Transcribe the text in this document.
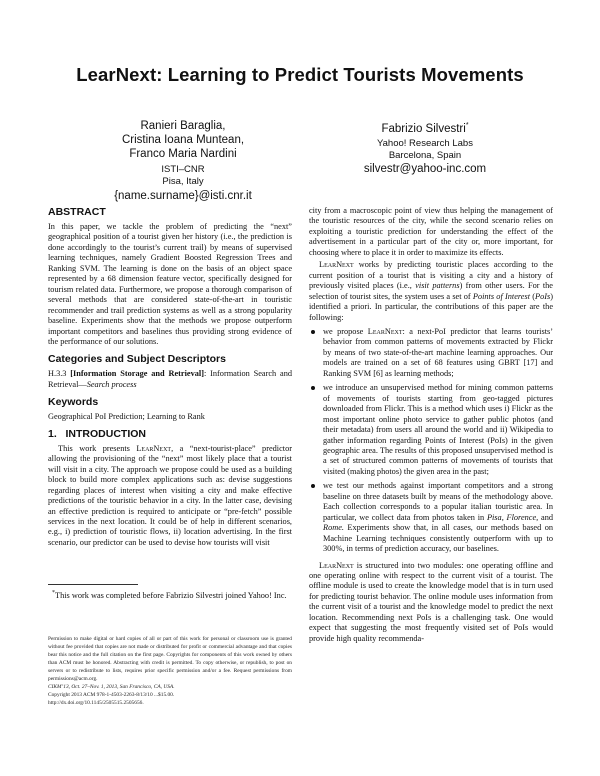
LearNext: Learning to Predict Tourists Movements
Ranieri Baraglia,
Cristina Ioana Muntean,
Franco Maria Nardini
ISTI–CNR
Pisa, Italy
{name.surname}@isti.cnr.it
Fabrizio Silvestri*
Yahoo! Research Labs
Barcelona, Spain
silvestr@yahoo-inc.com
ABSTRACT

In this paper, we tackle the problem of predicting the “next” geographical position of a tourist given her history (i.e., the prediction is done accordingly to the tourist’s current trail) by means of supervised learning techniques, namely Gradient Boosted Regression Trees and Ranking SVM. The learning is done on the basis of an object space represented by a 68 dimension feature vector, specifically designed for tourism related data. Furthermore, we propose a thorough comparison of several methods that are considered state-of-the-art in touristic recommender and trail prediction systems as well as a strong popularity baseline. Experiments show that the methods we propose outperform important competitors and baselines thus providing strong evidence of the performance of our solutions.

Categories and Subject Descriptors

H.3.3 [Information Storage and Retrieval]: Information Search and Retrieval—Search process

Keywords

Geographical PoI Prediction; Learning to Rank

1.   INTRODUCTION

This work presents LearNext, a “next-tourist-place” predictor allowing the provisioning of the “next” most likely place that a tourist will visit in a city. The approach we propose could be used as a building block to build more complex applications such as: devise suggestions regarding places of interest when visiting a city and make effective predictions of the touristic behavior in a city. In the latter case, devising an effective prediction is required to anticipate or “pre-fetch” possible services in the next location. It could be of help in different scenarios, e.g., i) prediction of touristic flows, ii) location advertising. In the first scenario, our predictor can be used to devise how tourists will visit

*This work was completed before Fabrizio Silvestri joined Yahoo! Inc.

Permission to make digital or hard copies of all or part of this work for personal or classroom use is granted without fee provided that copies are not made or distributed for profit or commercial advantage and that copies bear this notice and the full citation on the first page. Copyrights for components of this work owned by others than ACM must be honored. Abstracting with credit is permitted. To copy otherwise, or republish, to post on servers or to redistribute to lists, requires prior specific permission and/or a fee. Request permissions from permissions@acm.org.

CIKM’13, Oct. 27–Nov. 1, 2013, San Francisco, CA, USA.

Copyright 2013 ACM 978-1-4503-2263-8/13/10 ...$15.00.

http://dx.doi.org/10.1145/2505515.2505656.

city from a macroscopic point of view thus helping the management of the touristic resources of the city, while the second scenario relies on exploiting a touristic prediction for understanding the effect of the advertisement in a particular part of the city or, more important, for choosing where to place it in order to maximize its effects.

LearNext works by predicting touristic places according to the current position of a tourist that is visiting a city and a history of previously visited places (i.e., visit patterns) from other users. For the selection of tourist sites, the system uses a set of Points of Interest (PoIs) identified a priori. In particular, the contributions of this paper are the following:

we propose LearNext: a next-PoI predictor that learns tourists’ behavior from common patterns of movements extracted by Flickr by means of two state-of-the-art machine learning approaches. Our models are trained on a set of 68 features using GBRT [17] and Ranking SVM [6] as learning methods;
we introduce an unsupervised method for mining common patterns of movements of tourists starting from geo-tagged pictures downloaded from Flickr. This is a method which uses i) Flickr as the most important online photo service to gather public photos (and their metadata) from users all around the world and ii) Wikipedia to gather information regarding Points of Interest (PoIs) in the given geographic area. The results of this proposed unsupervised method is a set of structured common patterns of movements of tourists that visited (making photos) the given area in the past;
we test our methods against important competitors and a strong baseline on three datasets built by means of the methodology above. Each collection corresponds to a popular italian touristic area. In particular, we collect data from photos taken in Pisa, Florence, and Rome. Experiments show that, in all cases, our methods based on Machine Learning techniques consistently outperform with up to 300%, in terms of prediction accuracy, our baselines.

LearNext is structured into two modules: one operating offline and one operating online with respect to the current visit of a tourist. The offline module is used to create the knowledge model that is in turn used for predicting tourist behavior. The online module uses information from the current visit of a tourist and the knowledge model to predict the next location. Recommending next PoIs is a challenging task. One would expect that suggesting the most frequently visited set of PoIs would provide high quality recommenda-
